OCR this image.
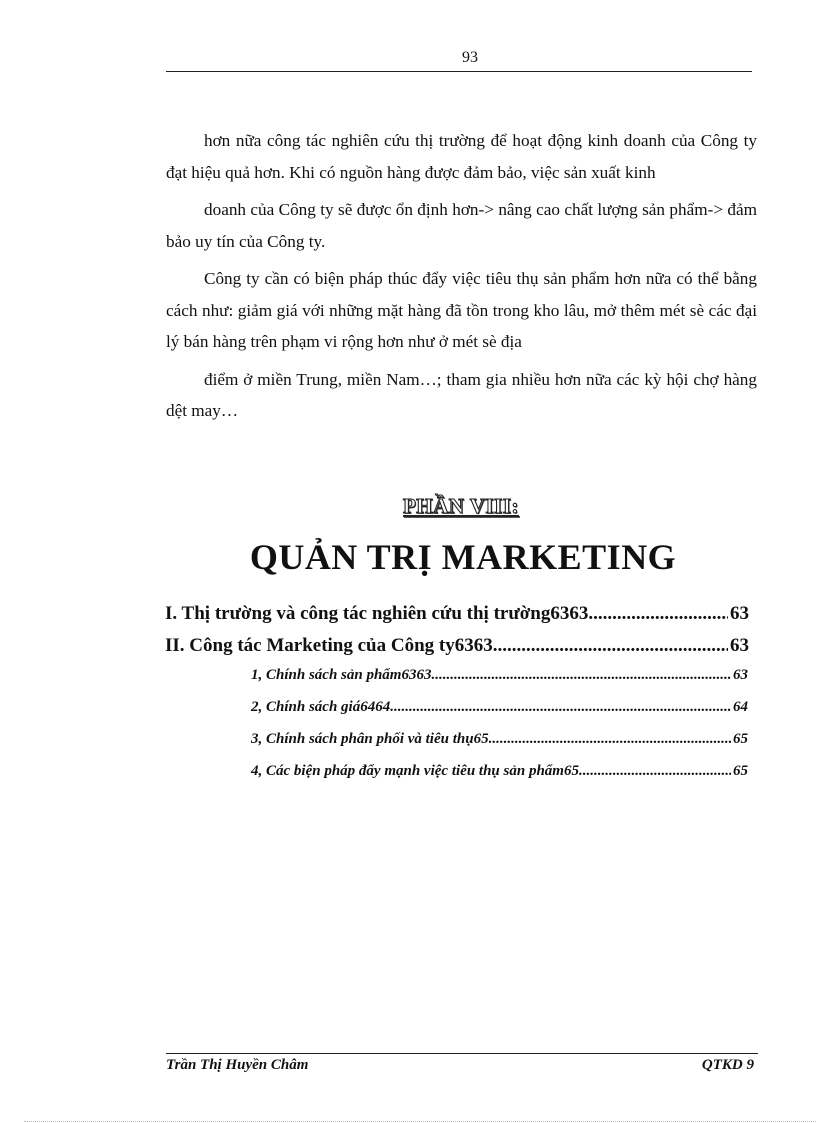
93

hơn nữa công tác nghiên cứu thị trường để hoạt động kinh doanh của Công ty đạt hiệu quả hơn. Khi có nguồn hàng được đảm bảo, việc sản xuất kinh

doanh của Công ty sẽ được ổn định hơn-> nâng cao chất lượng sản phẩm-> đảm bảo uy tín của Công ty.

Công ty cần có biện pháp thúc đẩy việc tiêu thụ sản phẩm hơn nữa có thể bằng cách như: giảm giá với những mặt hàng đã tồn trong kho lâu, mở thêm mét sè các đại lý bán hàng trên phạm vi rộng hơn như ở mét sè địa

điểm ở miền Trung, miền Nam…; tham gia nhiều hơn nữa các kỳ hội chợ hàng dệt may…

PHẦN VIII:
QUẢN TRỊ MARKETING
I. Thị trường và công tác nghiên cứu thị trường6363 .....	63
II. Công tác Marketing của Công ty6363 .....	63
1, Chính sách sản phẩm6363 .....	63
2, Chính sách giá6464 .....	64
3, Chính sách phân phối và tiêu thụ65 .....	65
4, Các biện pháp đẩy mạnh việc tiêu thụ sản phẩm65 .....	65
Trần Thị Huyền Châm	QTKD 9
